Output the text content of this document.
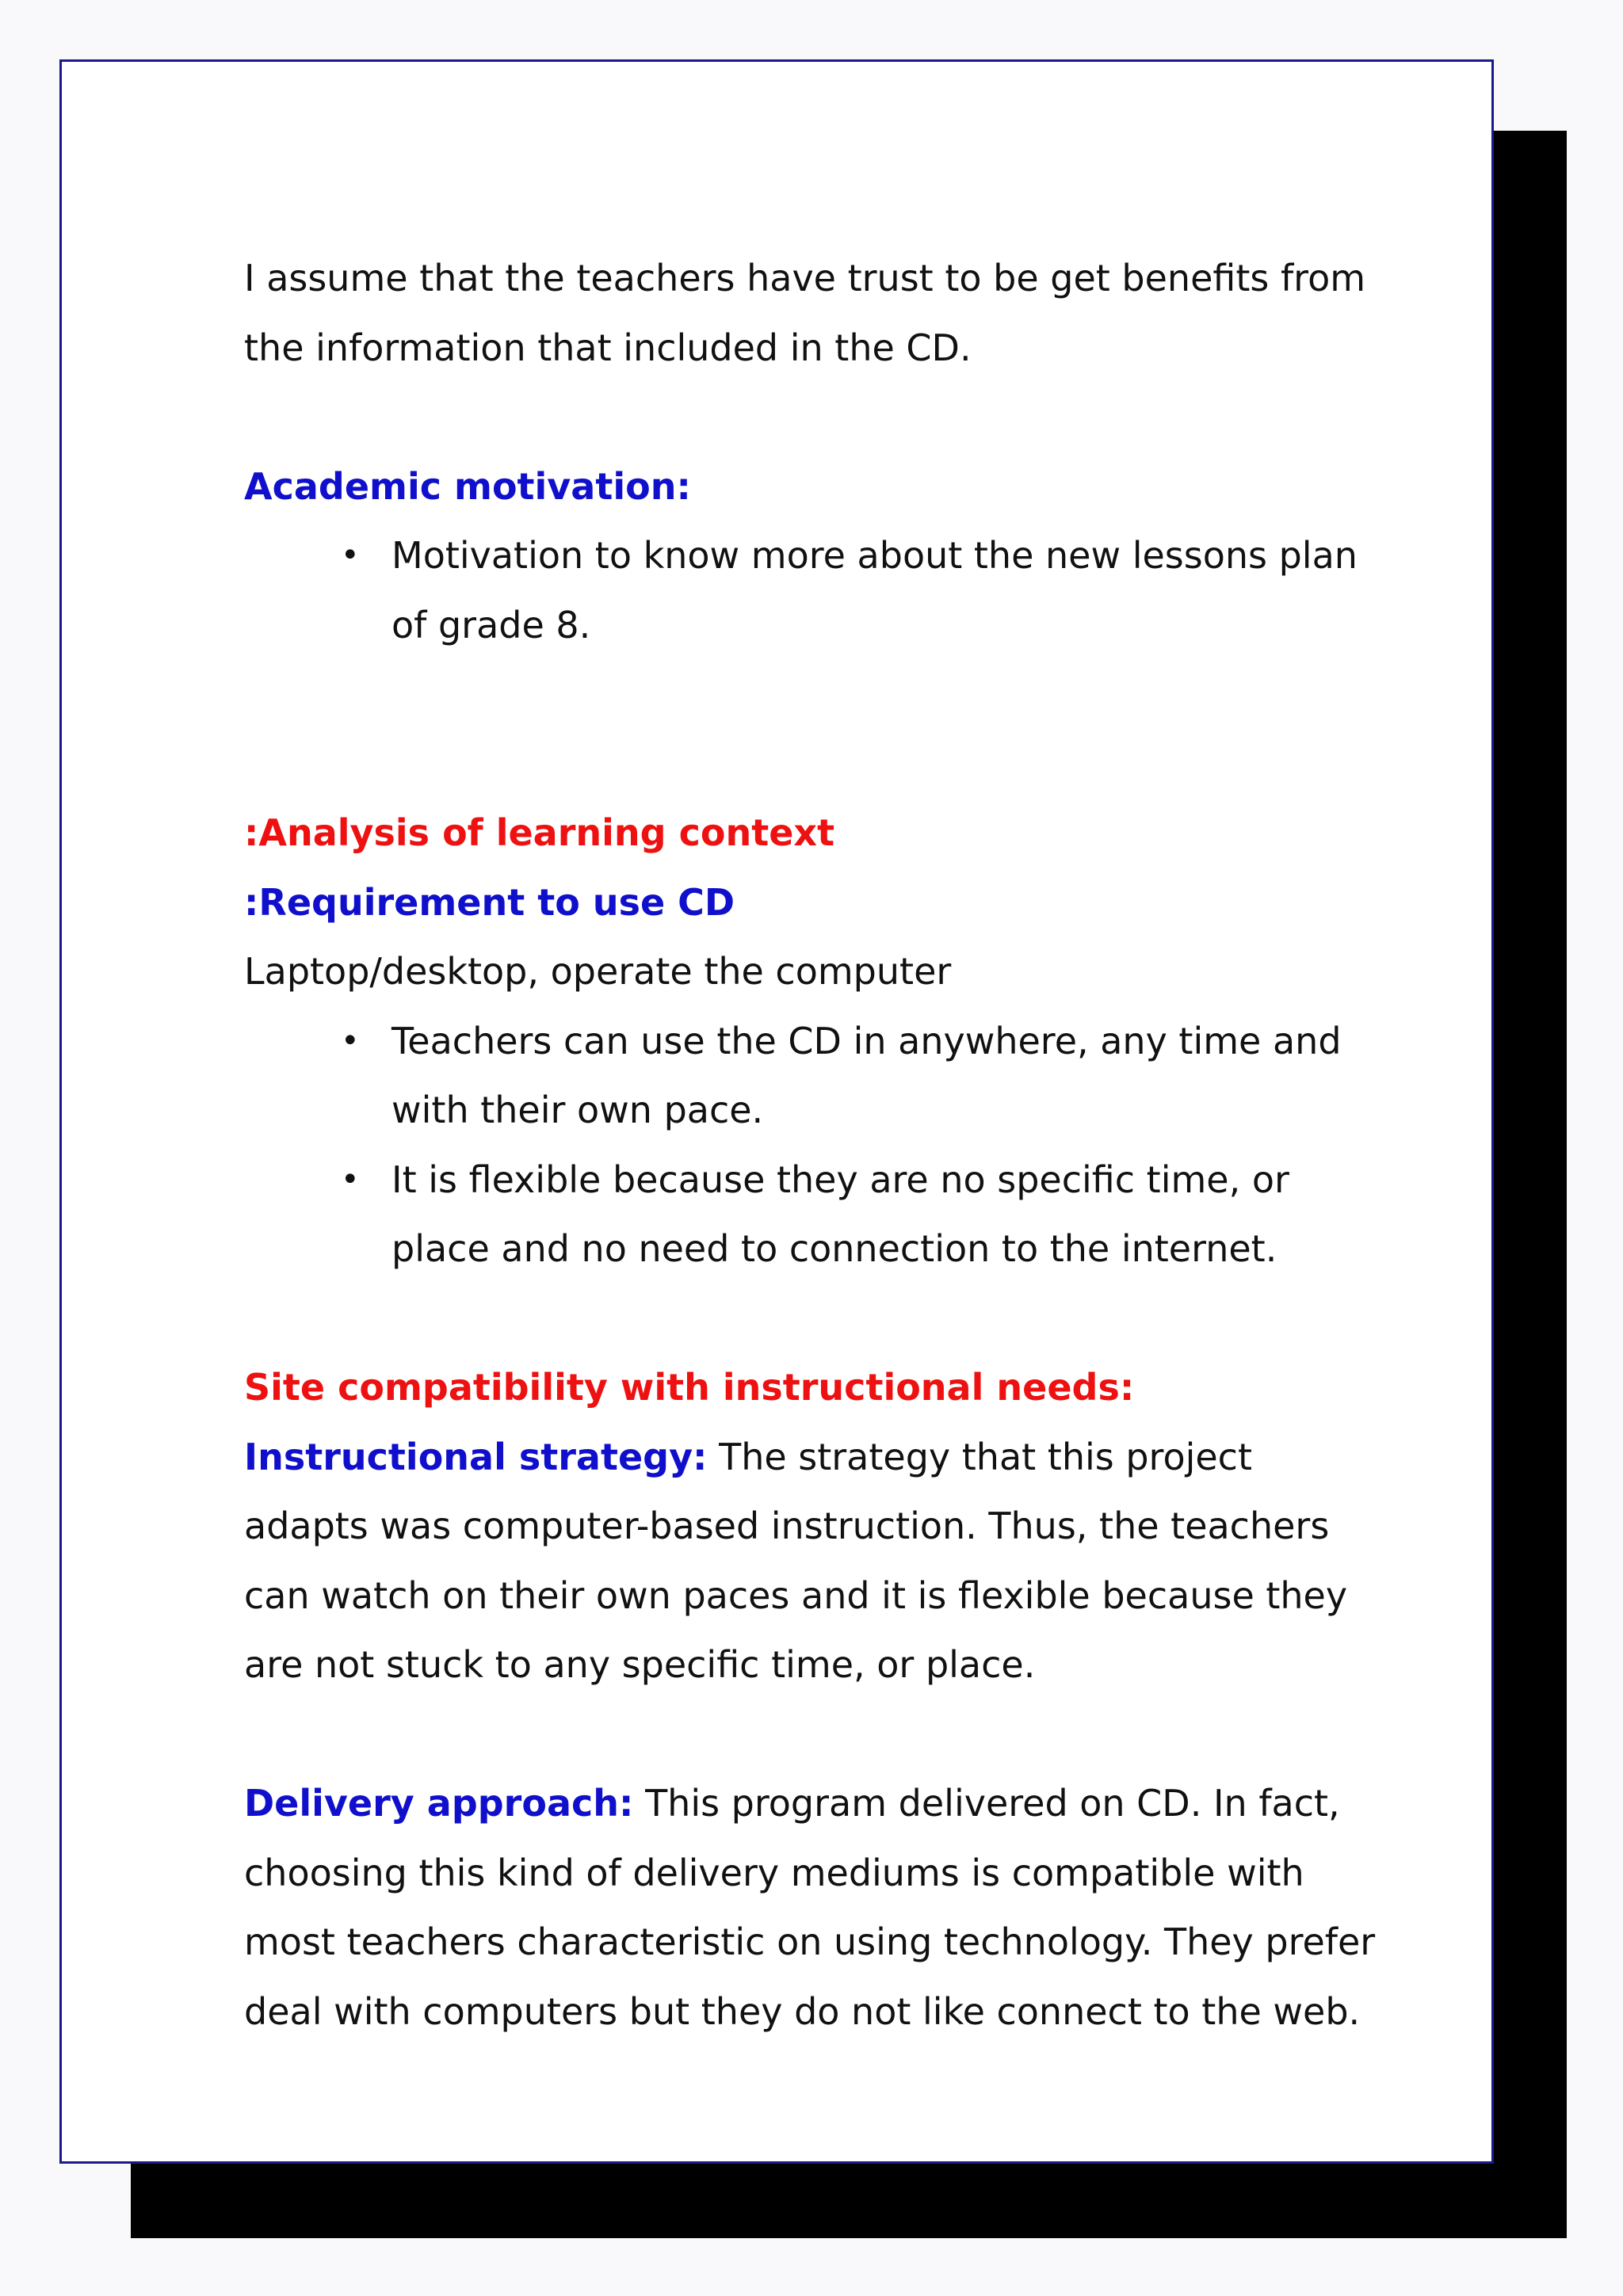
I assume that the teachers have trust to be get benefits from the information that included in the CD.

Academic motivation:

• Motivation to know more about the new lessons plan of grade 8.

:Analysis of learning context

:Requirement to use CD

Laptop/desktop, operate the computer

• Teachers can use the CD in anywhere, any time and with their own pace.
• It is flexible because they are no specific time, or place and no need to connection to the internet.

Site compatibility with instructional needs:

Instructional strategy: The strategy that this project adapts was computer-based instruction. Thus, the teachers can watch on their own paces and it is flexible because they are not stuck to any specific time, or place.

Delivery approach: This program delivered on CD. In fact, choosing this kind of delivery mediums is compatible with most teachers characteristic on using technology. They prefer deal with computers but they do not like connect to the web.
